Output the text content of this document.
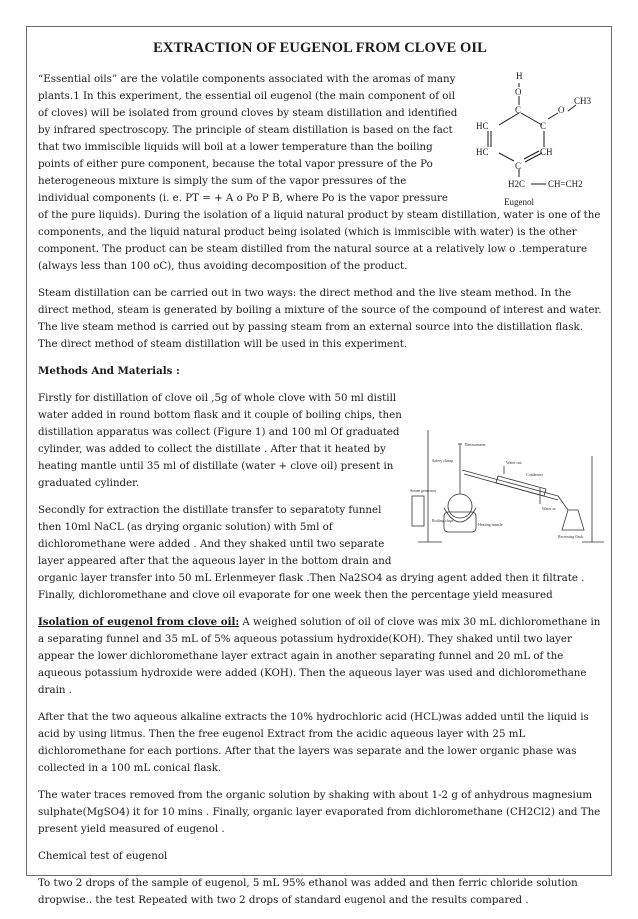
EXTRACTION OF EUGENOL FROM CLOVE OIL
H
O
C	O
CH3
HC	C
HC	CH
C
H2C	CH=CH2
Eugenol

“Essential oils” are the volatile components associated with the aromas of many plants.1 In this experiment, the essential oil eugenol (the main component of oil of cloves) will be isolated from ground cloves by steam distillation and identified by infrared spectroscopy. The principle of steam distillation is based on the fact that two immiscible liquids will boil at a lower temperature than the boiling points of either pure component, because the total vapor pressure of the Po heterogeneous mixture is simply the sum of the vapor pressures of the individual components (i. e. PT = + A o Po P B, where Po is the vapor pressure of the pure liquids). During the isolation of a liquid natural product by steam distillation, water is one of the components, and the liquid natural product being isolated (which is immiscible with water) is the other component. The product can be steam distilled from the natural source at a relatively low o .temperature (always less than 100 oC), thus avoiding decomposition of the product.

Steam distillation can be carried out in two ways: the direct method and the live steam method. In the direct method, steam is generated by boiling a mixture of the source of the compound of interest and water. The live steam method is carried out by passing steam from an external source into the distillation flask. The direct method of steam distillation will be used in this experiment.

Methods And Materials :

Thermometer
Safety clamp	Water out
Condenser
Water in
Heating mantle
Receiving flask
Boiling chips
Steam generator

Firstly for distillation of clove oil ,5g of whole clove with 50 ml distill water added in round bottom flask and it couple of boiling chips, then distillation apparatus was collect (Figure 1) and 100 ml Of graduated cylinder, was added to collect the distillate . After that it heated by heating mantle until 35 ml of distillate (water + clove oil) present in graduated cylinder.

Secondly for extraction the distillate transfer to separatoty funnel then 10ml NaCL (as drying organic solution) with 5ml of dichloromethane were added . And they shaked until two separate layer appeared after that the aqueous layer in the bottom drain and organic layer transfer into 50 mL Erlenmeyer flask .Then Na2SO4 as drying agent added then it filtrate . Finally, dichloromethane and clove oil evaporate for one week then the percentage yield measured

Isolation of eugenol from clove oil: A weighed solution of oil of clove was mix 30 mL dichloromethane in a separating funnel and 35 mL of 5% aqueous potassium hydroxide(KOH). They shaked until two layer appear the lower dichloromethane layer extract again in another separating funnel and 20 mL of the aqueous potassium hydroxide were added (KOH). Then the aqueous layer was used and dichloromethane drain .

After that the two aqueous alkaline extracts the 10% hydrochloric acid (HCL)was added until the liquid is acid by using litmus. Then the free eugenol Extract from the acidic aqueous layer with 25 mL dichloromethane for each portions. After that the layers was separate and the lower organic phase was collected in a 100 mL conical flask.

The water traces removed from the organic solution by shaking with about 1-2 g of anhydrous magnesium sulphate(MgSO4) it for 10 mins . Finally, organic layer evaporated from dichloromethane (CH2Cl2) and The present yield measured of eugenol .

Chemical test of eugenol

To two 2 drops of the sample of eugenol, 5 mL 95% ethanol was added and then ferric chloride solution dropwise.. the test Repeated with two 2 drops of standard eugenol and the results compared .
